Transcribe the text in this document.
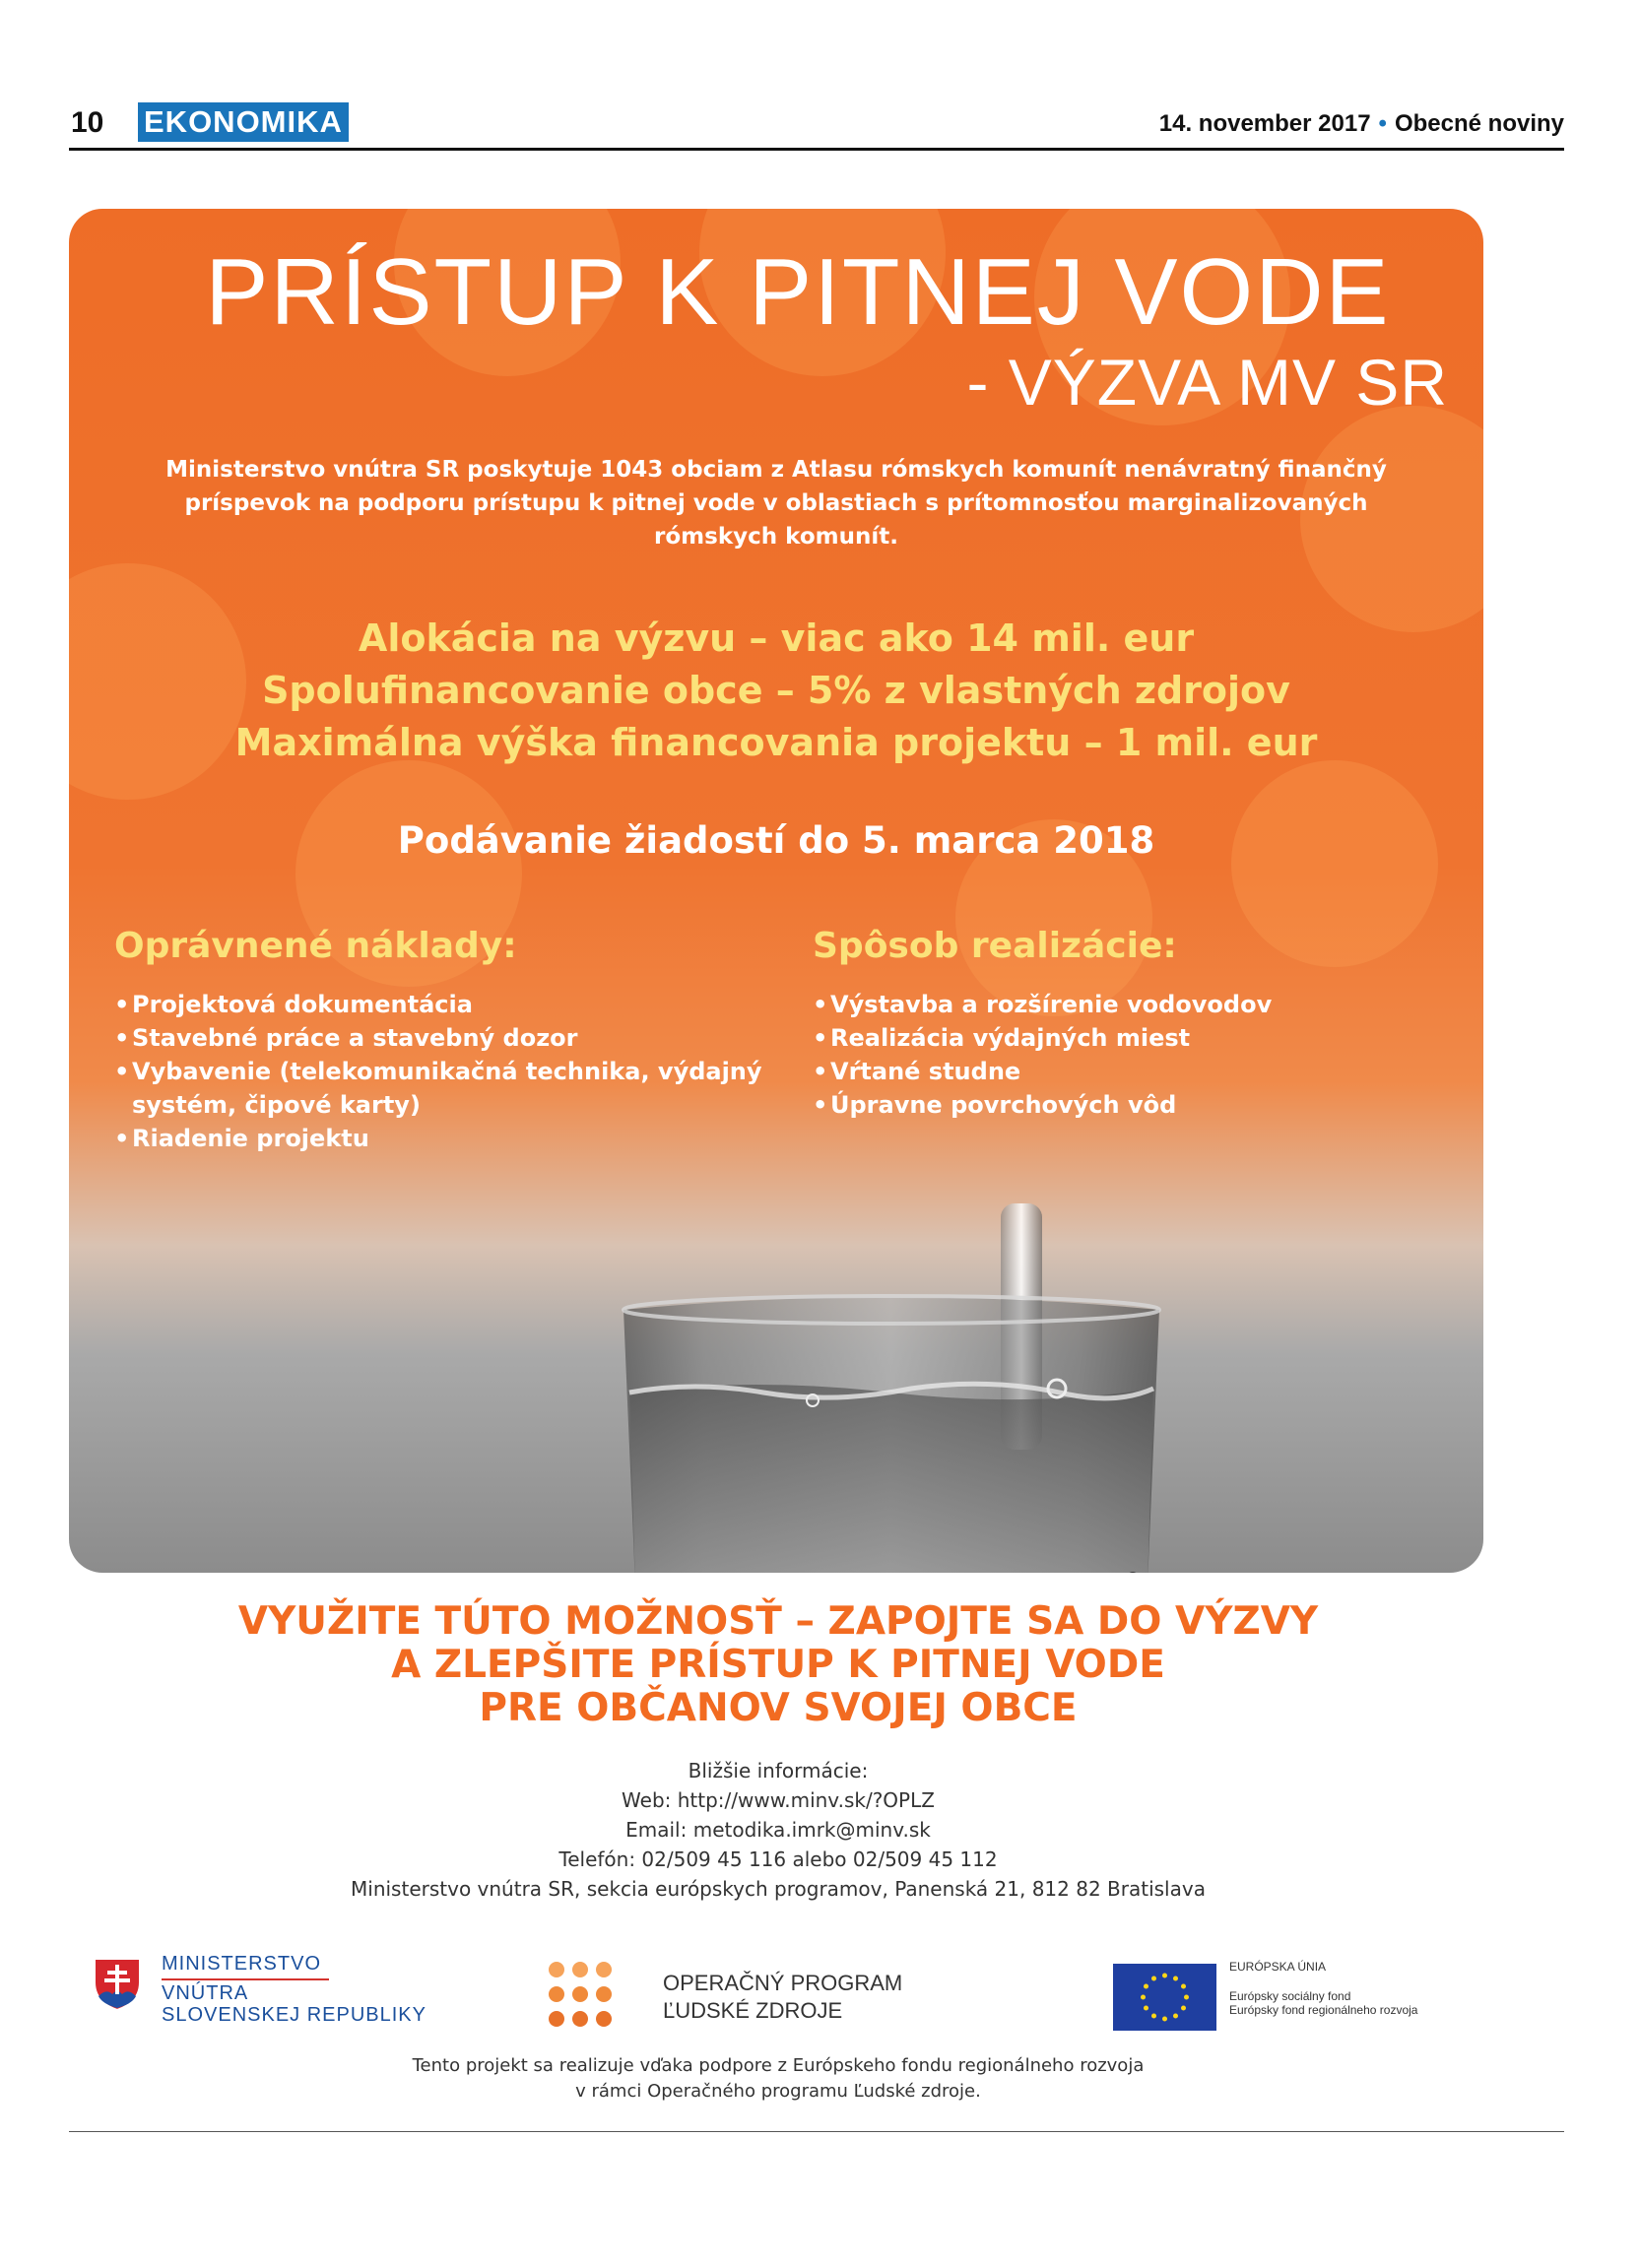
10 EKONOMIKA	14. november 2017 • Obecné noviny
PRÍSTUP K PITNEJ VODE
- VÝZVA MV SR
Ministerstvo vnútra SR poskytuje 1043 obciam z Atlasu rómskych komunít nenávratný finančný
príspevok na podporu prístupu k pitnej vode v oblastiach s prítomnosťou marginalizovaných
rómskych komunít.
Alokácia na výzvu – viac ako 14 mil. eur
Spolufinancovanie obce – 5% z vlastných zdrojov
Maximálna výška financovania projektu – 1 mil. eur
Podávanie žiadostí do 5. marca 2018
Oprávnené náklady:
• Projektová dokumentácia
• Stavebné práce a stavebný dozor
• Vybavenie (telekomunikačná technika, výdajný systém, čipové karty)
• Riadenie projektu
Spôsob realizácie:
• Výstavba a rozšírenie vodovodov
• Realizácia výdajných miest
• Vŕtané studne
• Úpravne povrchových vôd
VYUŽITE TÚTO MOŽNOSŤ – ZAPOJTE SA DO VÝZVY
A ZLEPŠITE PRÍSTUP K PITNEJ VODE
PRE OBČANOV SVOJEJ OBCE
Bližšie informácie:
Web: http://www.minv.sk/?OPLZ
Email: metodika.imrk@minv.sk
Telefón: 02/509 45 116 alebo 02/509 45 112
Ministerstvo vnútra SR, sekcia európskych programov, Panenská 21, 812 82 Bratislava
MINISTERSTVO
VNÚTRA
SLOVENSKEJ REPUBLIKY
OPERAČNÝ PROGRAM
ĽUDSKÉ ZDROJE
EURÓPSKA ÚNIA
Európsky sociálny fond
Európsky fond regionálneho rozvoja
Tento projekt sa realizuje vďaka podpore z Európskeho fondu regionálneho rozvoja
v rámci Operačného programu Ľudské zdroje.
